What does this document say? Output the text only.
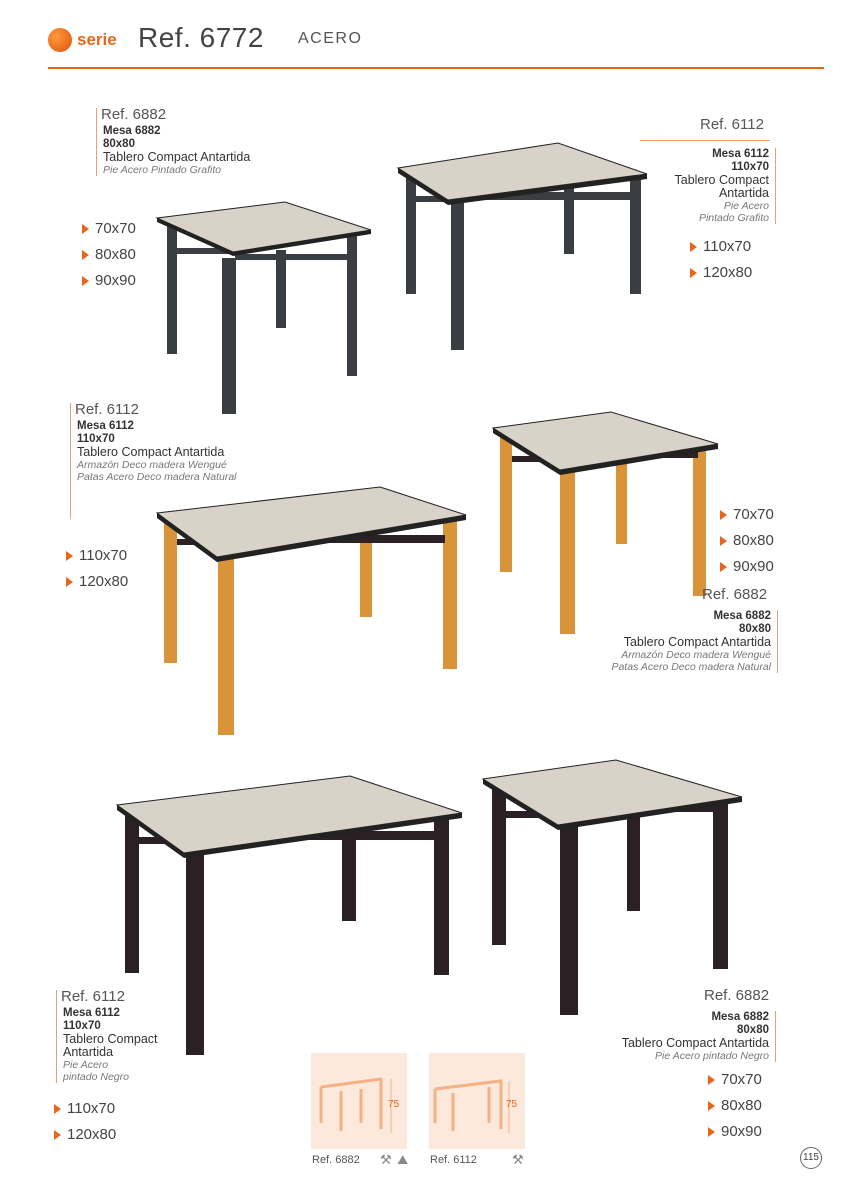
serie Ref. 6772 ACERO
Ref. 6882
Mesa 6882
80x80
Tablero Compact Antartida
Pie Acero Pintado Grafito
70x70
80x80
90x90
Ref. 6112
Mesa 6112
110x70
Tablero Compact
Antartida
Pie Acero
Pintado Grafito
110x70
120x80
Ref. 6112
Mesa 6112
110x70
Tablero Compact Antartida
Armazón Deco madera Wengué
Patas Acero Deco madera Natural
110x70
120x80
70x70
80x80
90x90
Ref. 6882
Mesa 6882
80x80
Tablero Compact Antartida
Armazón Deco madera Wengué
Patas Acero Deco madera Natural
Ref. 6112
Mesa 6112
110x70
Tablero Compact
Antartida
Pie Acero
pintado Negro
110x70
120x80
Ref. 6882
Mesa 6882
80x80
Tablero Compact Antartida
Pie Acero pintado Negro
70x70
80x80
90x90
75
Ref. 6882 ⚒ ⛰
75
Ref. 6112	⚒	115
